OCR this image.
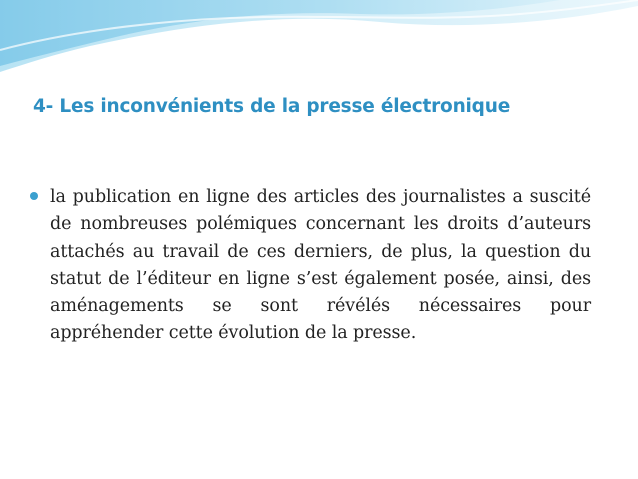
4- Les inconvénients de la presse électronique

la publication en ligne des articles des journalistes a suscité de nombreuses polémiques concernant les droits d’auteurs attachés au travail de ces derniers, de plus, la question du statut de l’éditeur en ligne s’est également posée, ainsi, des aménagements se sont révélés nécessaires pour appréhender cette évolution de la presse.
